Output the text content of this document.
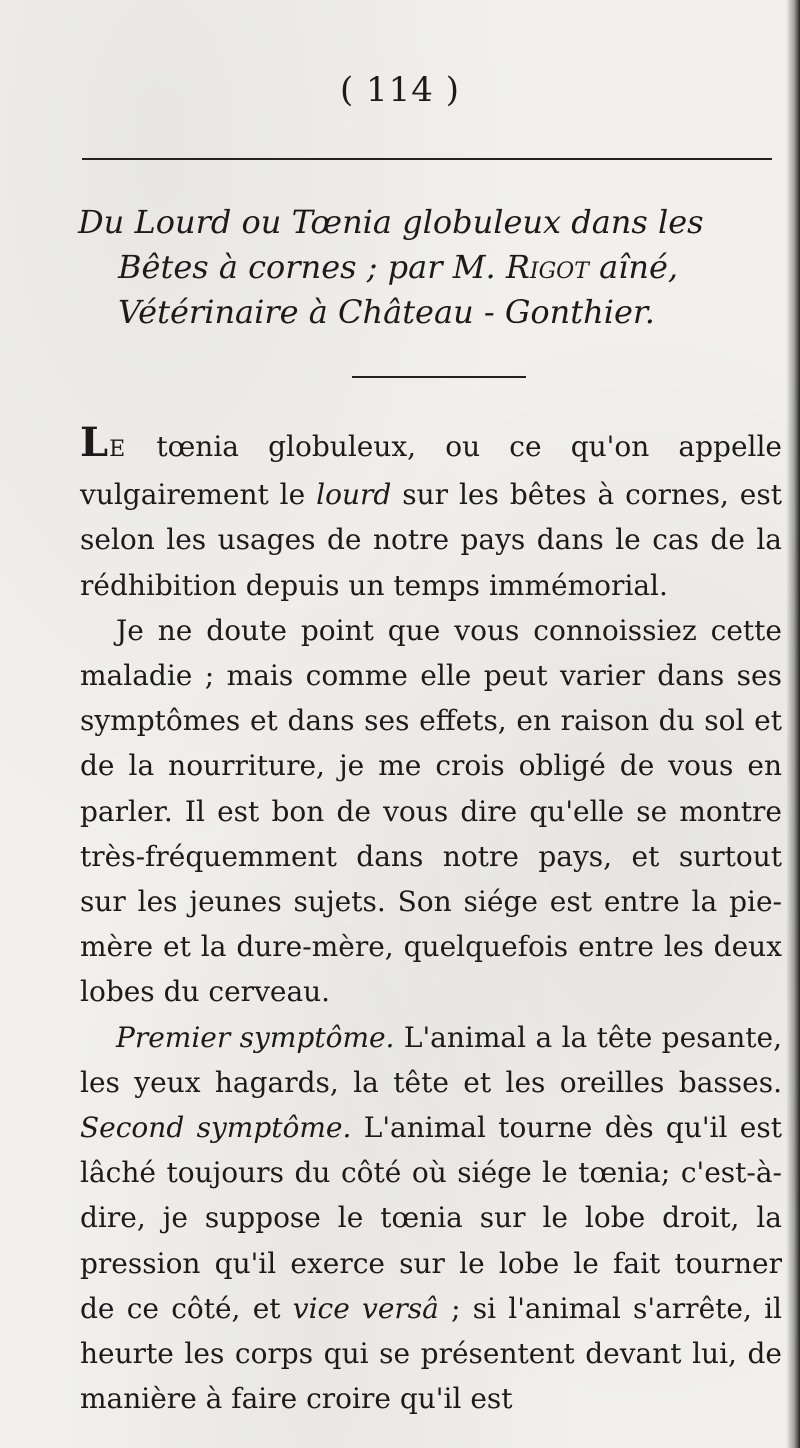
( 114 )
Du Lourd ou Tœnia globuleux dans les
Bêtes à cornes ; par M. Rigot aîné,
Vétérinaire à Château - Gonthier.

LE tœnia globuleux, ou ce qu'on appelle vulgairement le lourd sur les bêtes à cornes, est selon les usages de notre pays dans le cas de la rédhibition depuis un temps immémorial.

Je ne doute point que vous connoissiez cette maladie ; mais comme elle peut varier dans ses symptômes et dans ses effets, en raison du sol et de la nourriture, je me crois obligé de vous en parler. Il est bon de vous dire qu'elle se montre très-fréquemment dans notre pays, et surtout sur les jeunes sujets. Son siége est entre la pie-mère et la dure-mère, quelquefois entre les deux lobes du cerveau.

Premier symptôme. L'animal a la tête pesante, les yeux hagards, la tête et les oreilles basses. Second symptôme. L'animal tourne dès qu'il est lâché toujours du côté où siége le tœnia; c'est-à-dire, je suppose le tœnia sur le lobe droit, la pression qu'il exerce sur le lobe le fait tourner de ce côté, et vice versâ ; si l'animal s'arrête, il heurte les corps qui se présentent devant lui, de manière à faire croire qu'il est
